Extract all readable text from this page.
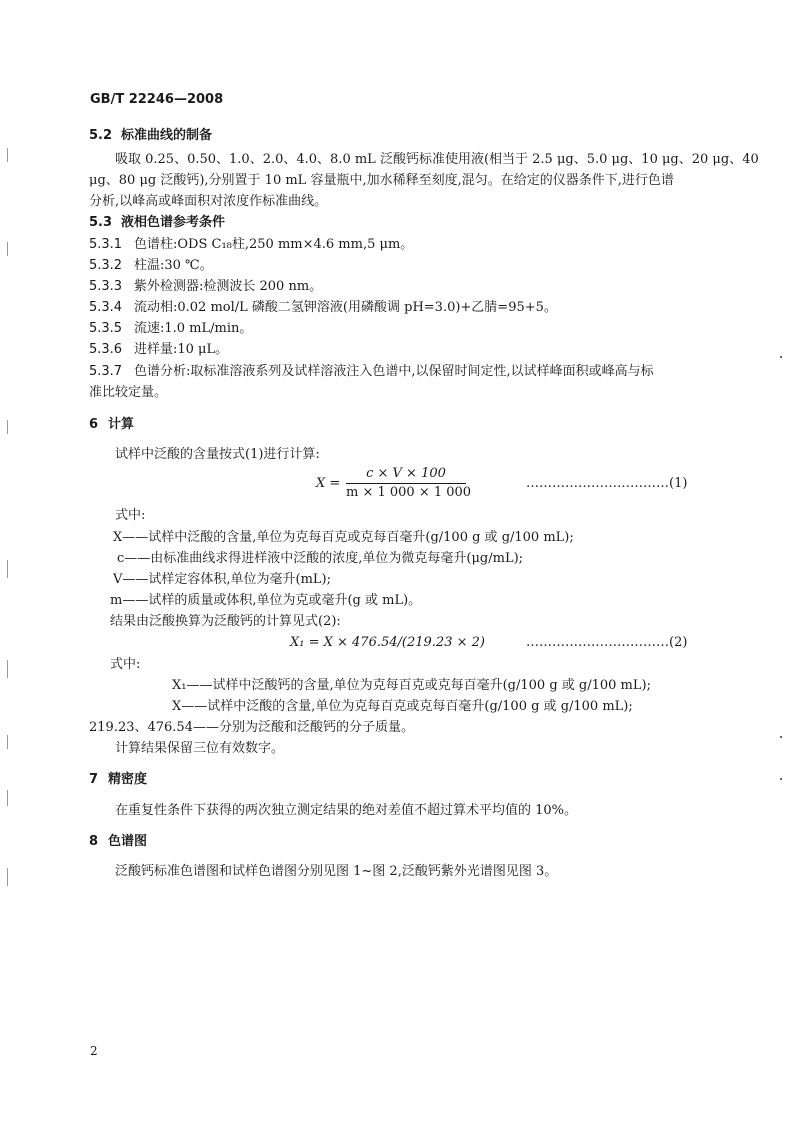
GB/T 22246—2008
5.2 标准曲线的制备
吸取 0.25、0.50、1.0、2.0、4.0、8.0 mL 泛酸钙标准使用液(相当于 2.5 μg、5.0 μg、10 μg、20 μg、40
μg、80 μg 泛酸钙),分别置于 10 mL 容量瓶中,加水稀释至刻度,混匀。在给定的仪器条件下,进行色谱
分析,以峰高或峰面积对浓度作标准曲线。
5.3 液相色谱参考条件
5.3.1 色谱柱:ODS C₁₈柱,250 mm×4.6 mm,5 μm。
5.3.2 柱温:30 ℃。
5.3.3 紫外检测器:检测波长 200 nm。
5.3.4 流动相:0.02 mol/L 磷酸二氢钾溶液(用磷酸调 pH=3.0)+乙腈=95+5。
5.3.5 流速:1.0 mL/min。
5.3.6 进样量:10 μL。
5.3.7 色谱分析:取标准溶液系列及试样溶液注入色谱中,以保留时间定性,以试样峰面积或峰高与标
准比较定量。
6 计算
试样中泛酸的含量按式(1)进行计算:
X =
c × V × 100
m × 1 000 × 1 000
……………………………(1)
式中:
X——试样中泛酸的含量,单位为克每百克或克每百毫升(g/100 g 或 g/100 mL);
c——由标准曲线求得进样液中泛酸的浓度,单位为微克每毫升(μg/mL);
V——试样定容体积,单位为毫升(mL);
m——试样的质量或体积,单位为克或毫升(g 或 mL)。
结果由泛酸换算为泛酸钙的计算见式(2):
X₁ = X × 476.54/(219.23 × 2)	……………………………(2)
式中:
X₁——试样中泛酸钙的含量,单位为克每百克或克每百毫升(g/100 g 或 g/100 mL);
X——试样中泛酸的含量,单位为克每百克或克每百毫升(g/100 g 或 g/100 mL);
219.23、476.54——分别为泛酸和泛酸钙的分子质量。
计算结果保留三位有效数字。
7 精密度
在重复性条件下获得的两次独立测定结果的绝对差值不超过算术平均值的 10%。
8 色谱图
泛酸钙标准色谱图和试样色谱图分别见图 1~图 2,泛酸钙紫外光谱图见图 3。
2
